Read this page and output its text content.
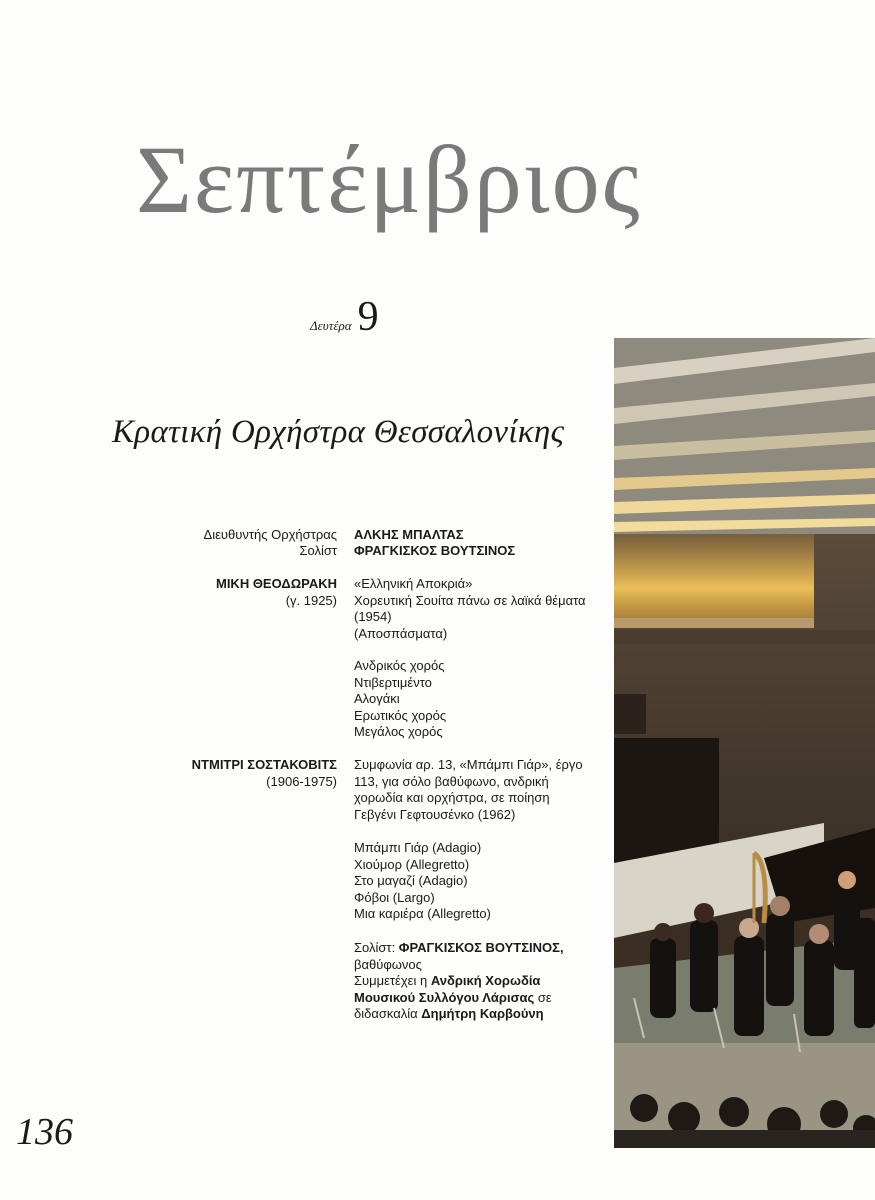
Σεπτέμβριος
Δευτέρα 9
Κρατική Ορχήστρα Θεσσαλονίκης
Διευθυντής Ορχήστρας ΑΛΚΗΣ ΜΠΑΛΤΑΣ
Σολίστ ΦΡΑΓΚΙΣΚΟΣ ΒΟΥΤΣΙΝΟΣ
ΜΙΚΗ ΘΕΟΔΩΡΑΚΗ
(γ. 1925)
«Ελληνική Αποκριά»
Χορευτική Σουίτα πάνω σε λαϊκά θέματα
(1954)
(Αποσπάσματα)
Ανδρικός χορός
Ντιβερτιμέντο
Αλογάκι
Ερωτικός χορός
Μεγάλος χορός
ΝΤΜΙΤΡΙ ΣΟΣΤΑΚΟΒΙΤΣ
(1906-1975)
Συμφωνία αρ. 13, «Μπάμπι Γιάρ», έργο
113, για σόλο βαθύφωνο, ανδρική
χορωδία και ορχήστρα, σε ποίηση
Γεβγένι Γεφτουσένκο (1962)
Μπάμπι Γιάρ (Adagio)
Χιούμορ (Allegretto)
Στο μαγαζί (Adagio)
Φόβοι (Largo)
Μια καριέρα (Allegretto)
Σολίστ: ΦΡΑΓΚΙΣΚΟΣ ΒΟΥΤΣΙΝΟΣ,
βαθύφωνος
Συμμετέχει η Ανδρική Χορωδία
Μουσικού Συλλόγου Λάρισας σε
διδασκαλία Δημήτρη Καρβούνη
136
